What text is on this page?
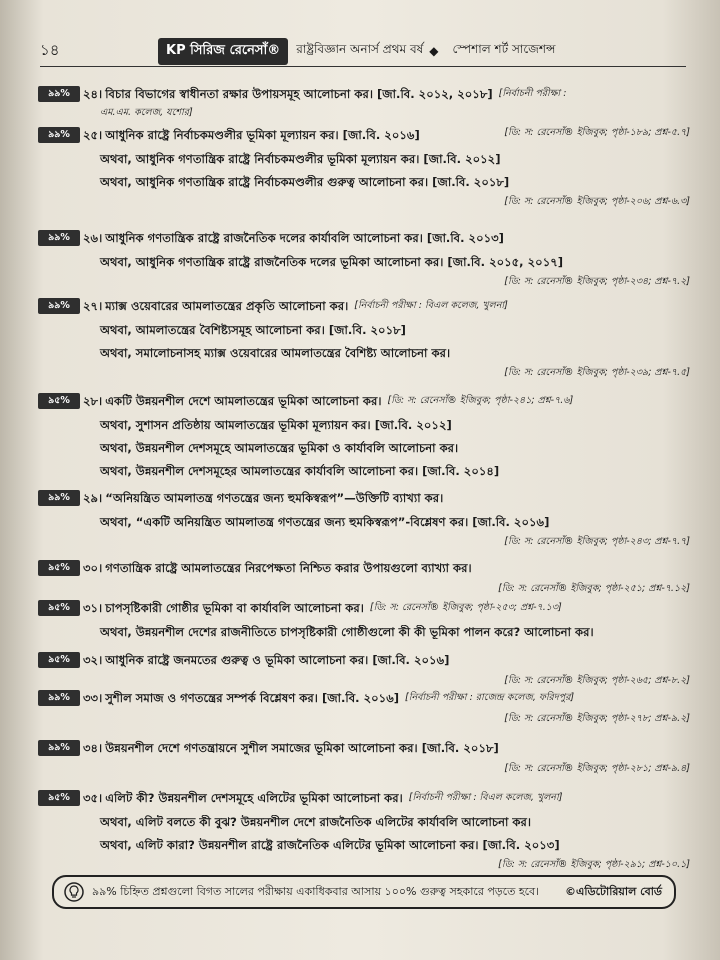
১৪	KP সিরিজ রেনেসাঁ®	রাষ্ট্রবিজ্ঞান অনার্স প্রথম বর্ষ ◆ স্পেশাল শর্ট সাজেশন্স
৯৯%	২৪। বিচার বিভাগের স্বাধীনতা রক্ষার উপায়সমূহ আলোচনা কর। [জা.বি. ২০১২, ২০১৮] [নির্বাচনী পরীক্ষা :
এম.এম. কলেজ, যশোর]
[ডি: স: রেনেসাঁ® ইজিবুক; পৃষ্ঠা-১৮৯; প্রশ্ন-৫.৭]
৯৯%	২৫। আধুনিক রাষ্ট্রে নির্বাচকমণ্ডলীর ভূমিকা মূল্যায়ন কর। [জা.বি. ২০১৬]
অথবা, আধুনিক গণতান্ত্রিক রাষ্ট্রে নির্বাচকমণ্ডলীর ভূমিকা মূল্যায়ন কর। [জা.বি. ২০১২]
অথবা, আধুনিক গণতান্ত্রিক রাষ্ট্রে নির্বাচকমণ্ডলীর গুরুত্ব আলোচনা কর। [জা.বি. ২০১৮]
[ডি: স: রেনেসাঁ® ইজিবুক; পৃষ্ঠা-২০৬; প্রশ্ন-৬.৩]
৯৯%	২৬। আধুনিক গণতান্ত্রিক রাষ্ট্রে রাজনৈতিক দলের কার্যাবলি আলোচনা কর। [জা.বি. ২০১৩]
অথবা, আধুনিক গণতান্ত্রিক রাষ্ট্রে রাজনৈতিক দলের ভূমিকা আলোচনা কর। [জা.বি. ২০১৫, ২০১৭]
[ডি: স: রেনেসাঁ® ইজিবুক; পৃষ্ঠা-২৩৪; প্রশ্ন-৭.২]
৯৯%	২৭। ম্যাক্স ওয়েবারের আমলাতন্ত্রের প্রকৃতি আলোচনা কর। [নির্বাচনী পরীক্ষা : বিএল কলেজ, খুলনা]
অথবা, আমলাতন্ত্রের বৈশিষ্ট্যসমূহ আলোচনা কর। [জা.বি. ২০১৮]
অথবা, সমালোচনাসহ ম্যাক্স ওয়েবারের আমলাতন্ত্রের বৈশিষ্ট্য আলোচনা কর।
[ডি: স: রেনেসাঁ® ইজিবুক; পৃষ্ঠা-২৩৯; প্রশ্ন-৭.৫]
৯৫%	২৮। একটি উন্নয়নশীল দেশে আমলাতন্ত্রের ভূমিকা আলোচনা কর। [ডি: স: রেনেসাঁ® ইজিবুক; পৃষ্ঠা-২৪১; প্রশ্ন-৭.৬]
অথবা, সুশাসন প্রতিষ্ঠায় আমলাতন্ত্রের ভূমিকা মূল্যায়ন কর। [জা.বি. ২০১২]
অথবা, উন্নয়নশীল দেশসমূহে আমলাতন্ত্রের ভূমিকা ও কার্যাবলি আলোচনা কর।
অথবা, উন্নয়নশীল দেশসমূহের আমলাতন্ত্রের কার্যাবলি আলোচনা কর। [জা.বি. ২০১৪]
৯৯%	২৯। “অনিয়ন্ত্রিত আমলাতন্ত্র গণতন্ত্রের জন্য হুমকিস্বরূপ”—উক্তিটি ব্যাখ্যা কর।
অথবা, “একটি অনিয়ন্ত্রিত আমলাতন্ত্র গণতন্ত্রের জন্য হুমকিস্বরূপ”-বিশ্লেষণ কর। [জা.বি. ২০১৬]
[ডি: স: রেনেসাঁ® ইজিবুক; পৃষ্ঠা-২৪৩; প্রশ্ন-৭.৭]
৯৫%	৩০। গণতান্ত্রিক রাষ্ট্রে আমলাতন্ত্রের নিরপেক্ষতা নিশ্চিত করার উপায়গুলো ব্যাখ্যা কর।
[ডি: স: রেনেসাঁ® ইজিবুক; পৃষ্ঠা-২৫১; প্রশ্ন-৭.১২]
৯৫%	৩১। চাপসৃষ্টিকারী গোষ্ঠীর ভূমিকা বা কার্যাবলি আলোচনা কর। [ডি: স: রেনেসাঁ® ইজিবুক; পৃষ্ঠা-২৫৩; প্রশ্ন-৭.১৩]
অথবা, উন্নয়নশীল দেশের রাজনীতিতে চাপসৃষ্টিকারী গোষ্ঠীগুলো কী কী ভূমিকা পালন করে? আলোচনা কর।
৯৫%	৩২। আধুনিক রাষ্ট্রে জনমতের গুরুত্ব ও ভূমিকা আলোচনা কর। [জা.বি. ২০১৬]
[ডি: স: রেনেসাঁ® ইজিবুক; পৃষ্ঠা-২৬৫; প্রশ্ন-৮.২]
৯৯%	৩৩। সুশীল সমাজ ও গণতন্ত্রের সম্পর্ক বিশ্লেষণ কর। [জা.বি. ২০১৬] [নির্বাচনী পরীক্ষা : রাজেন্দ্র কলেজ, ফরিদপুর]
[ডি: স: রেনেসাঁ® ইজিবুক; পৃষ্ঠা-২৭৮; প্রশ্ন-৯.২]
৯৯%	৩৪। উন্নয়নশীল দেশে গণতন্ত্রায়নে সুশীল সমাজের ভূমিকা আলোচনা কর। [জা.বি. ২০১৮]
[ডি: স: রেনেসাঁ® ইজিবুক; পৃষ্ঠা-২৮১; প্রশ্ন-৯.৪]
৯৫%	৩৫। এলিট কী? উন্নয়নশীল দেশসমূহে এলিটের ভূমিকা আলোচনা কর। [নির্বাচনী পরীক্ষা : বিএল কলেজ, খুলনা]
অথবা, এলিট বলতে কী বুঝ? উন্নয়নশীল দেশে রাজনৈতিক এলিটের কার্যাবলি আলোচনা কর।
অথবা, এলিট কারা? উন্নয়নশীল রাষ্ট্রে রাজনৈতিক এলিটের ভূমিকা আলোচনা কর। [জা.বি. ২০১৩]
[ডি: স: রেনেসাঁ® ইজিবুক; পৃষ্ঠা-২৯১; প্রশ্ন-১০.১]
৯৯% চিহ্নিত প্রশ্নগুলো বিগত সালের পরীক্ষায় একাধিকবার আসায় ১০০% গুরুত্ব সহকারে পড়তে হবে।	©এডিটোরিয়াল বোর্ড
